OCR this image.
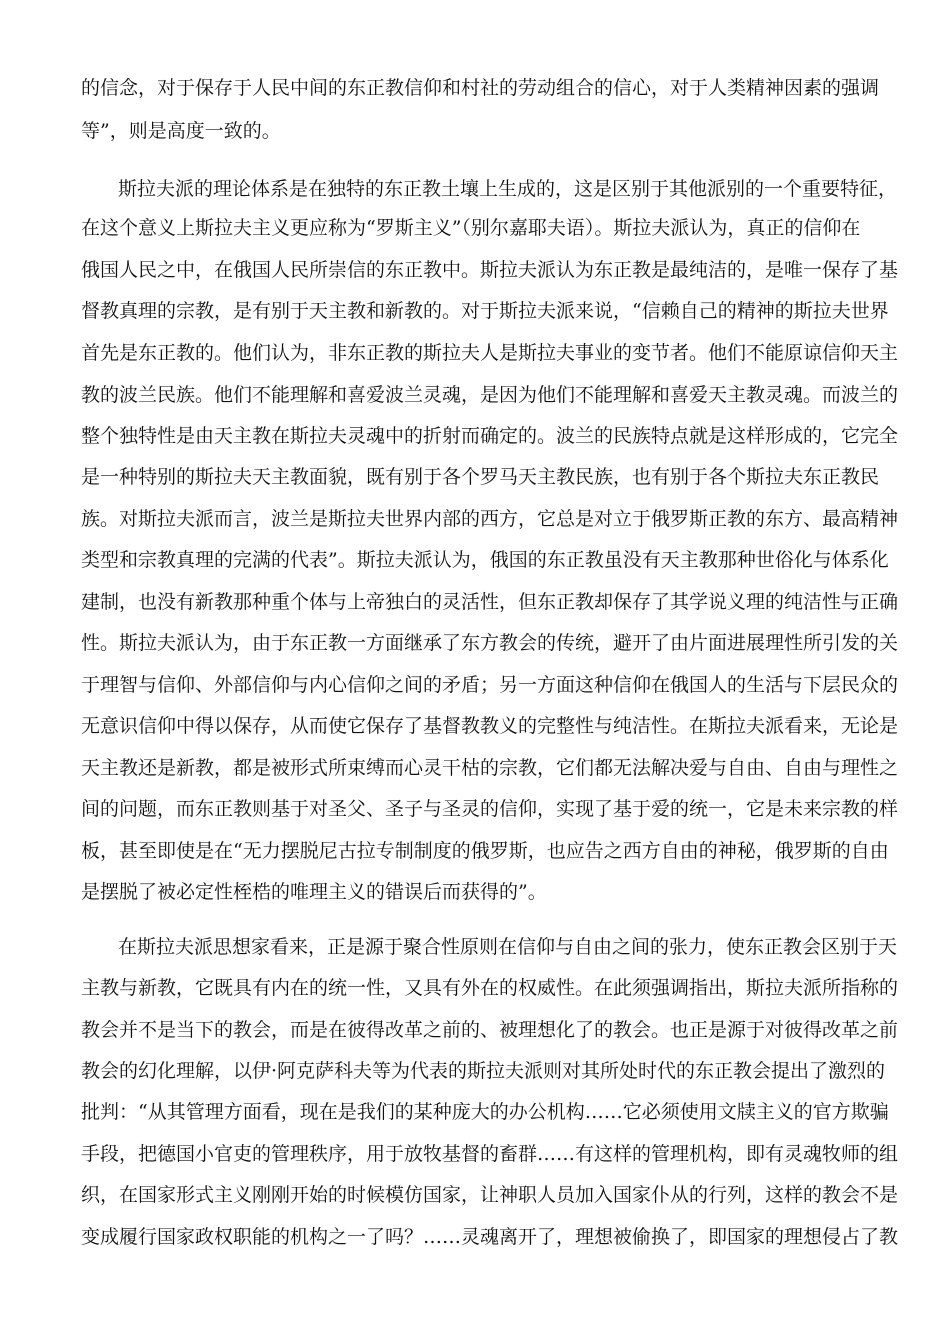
的信念，对于保存于人民中间的东正教信仰和村社的劳动组合的信心，对于人类精神因素的强调
等”，则是高度一致的。
斯拉夫派的理论体系是在独特的东正教土壤上生成的，这是区别于其他派别的一个重要特征，
在这个意义上斯拉夫主义更应称为“罗斯主义”（别尔嘉耶夫语）。斯拉夫派认为，真正的信仰在
俄国人民之中，在俄国人民所崇信的东正教中。斯拉夫派认为东正教是最纯洁的，是唯一保存了基
督教真理的宗教，是有别于天主教和新教的。对于斯拉夫派来说，“信赖自己的精神的斯拉夫世界
首先是东正教的。他们认为，非东正教的斯拉夫人是斯拉夫事业的变节者。他们不能原谅信仰天主
教的波兰民族。他们不能理解和喜爱波兰灵魂，是因为他们不能理解和喜爱天主教灵魂。而波兰的
整个独特性是由天主教在斯拉夫灵魂中的折射而确定的。波兰的民族特点就是这样形成的，它完全
是一种特别的斯拉夫天主教面貌，既有别于各个罗马天主教民族，也有别于各个斯拉夫东正教民
族。对斯拉夫派而言，波兰是斯拉夫世界内部的西方，它总是对立于俄罗斯正教的东方、最高精神
类型和宗教真理的完满的代表”。斯拉夫派认为，俄国的东正教虽没有天主教那种世俗化与体系化
建制，也没有新教那种重个体与上帝独白的灵活性，但东正教却保存了其学说义理的纯洁性与正确
性。斯拉夫派认为，由于东正教一方面继承了东方教会的传统，避开了由片面进展理性所引发的关
于理智与信仰、外部信仰与内心信仰之间的矛盾；另一方面这种信仰在俄国人的生活与下层民众的
无意识信仰中得以保存，从而使它保存了基督教教义的完整性与纯洁性。在斯拉夫派看来，无论是
天主教还是新教，都是被形式所束缚而心灵干枯的宗教，它们都无法解决爱与自由、自由与理性之
间的问题，而东正教则基于对圣父、圣子与圣灵的信仰，实现了基于爱的统一，它是未来宗教的样
板，甚至即使是在“无力摆脱尼古拉专制制度的俄罗斯，也应告之西方自由的神秘，俄罗斯的自由
是摆脱了被必定性桎梏的唯理主义的错误后而获得的”。
在斯拉夫派思想家看来，正是源于聚合性原则在信仰与自由之间的张力，使东正教会区别于天
主教与新教，它既具有内在的统一性，又具有外在的权威性。在此须强调指出，斯拉夫派所指称的
教会并不是当下的教会，而是在彼得改革之前的、被理想化了的教会。也正是源于对彼得改革之前
教会的幻化理解，以伊·阿克萨科夫等为代表的斯拉夫派则对其所处时代的东正教会提出了激烈的
批判：“从其管理方面看，现在是我们的某种庞大的办公机构……它必须使用文牍主义的官方欺骗
手段，把德国小官吏的管理秩序，用于放牧基督的畜群……有这样的管理机构，即有灵魂牧师的组
织，在国家形式主义刚刚开始的时候模仿国家，让神职人员加入国家仆从的行列，这样的教会不是
变成履行国家政权职能的机构之一了吗？……灵魂离开了，理想被偷换了，即国家的理想侵占了教
